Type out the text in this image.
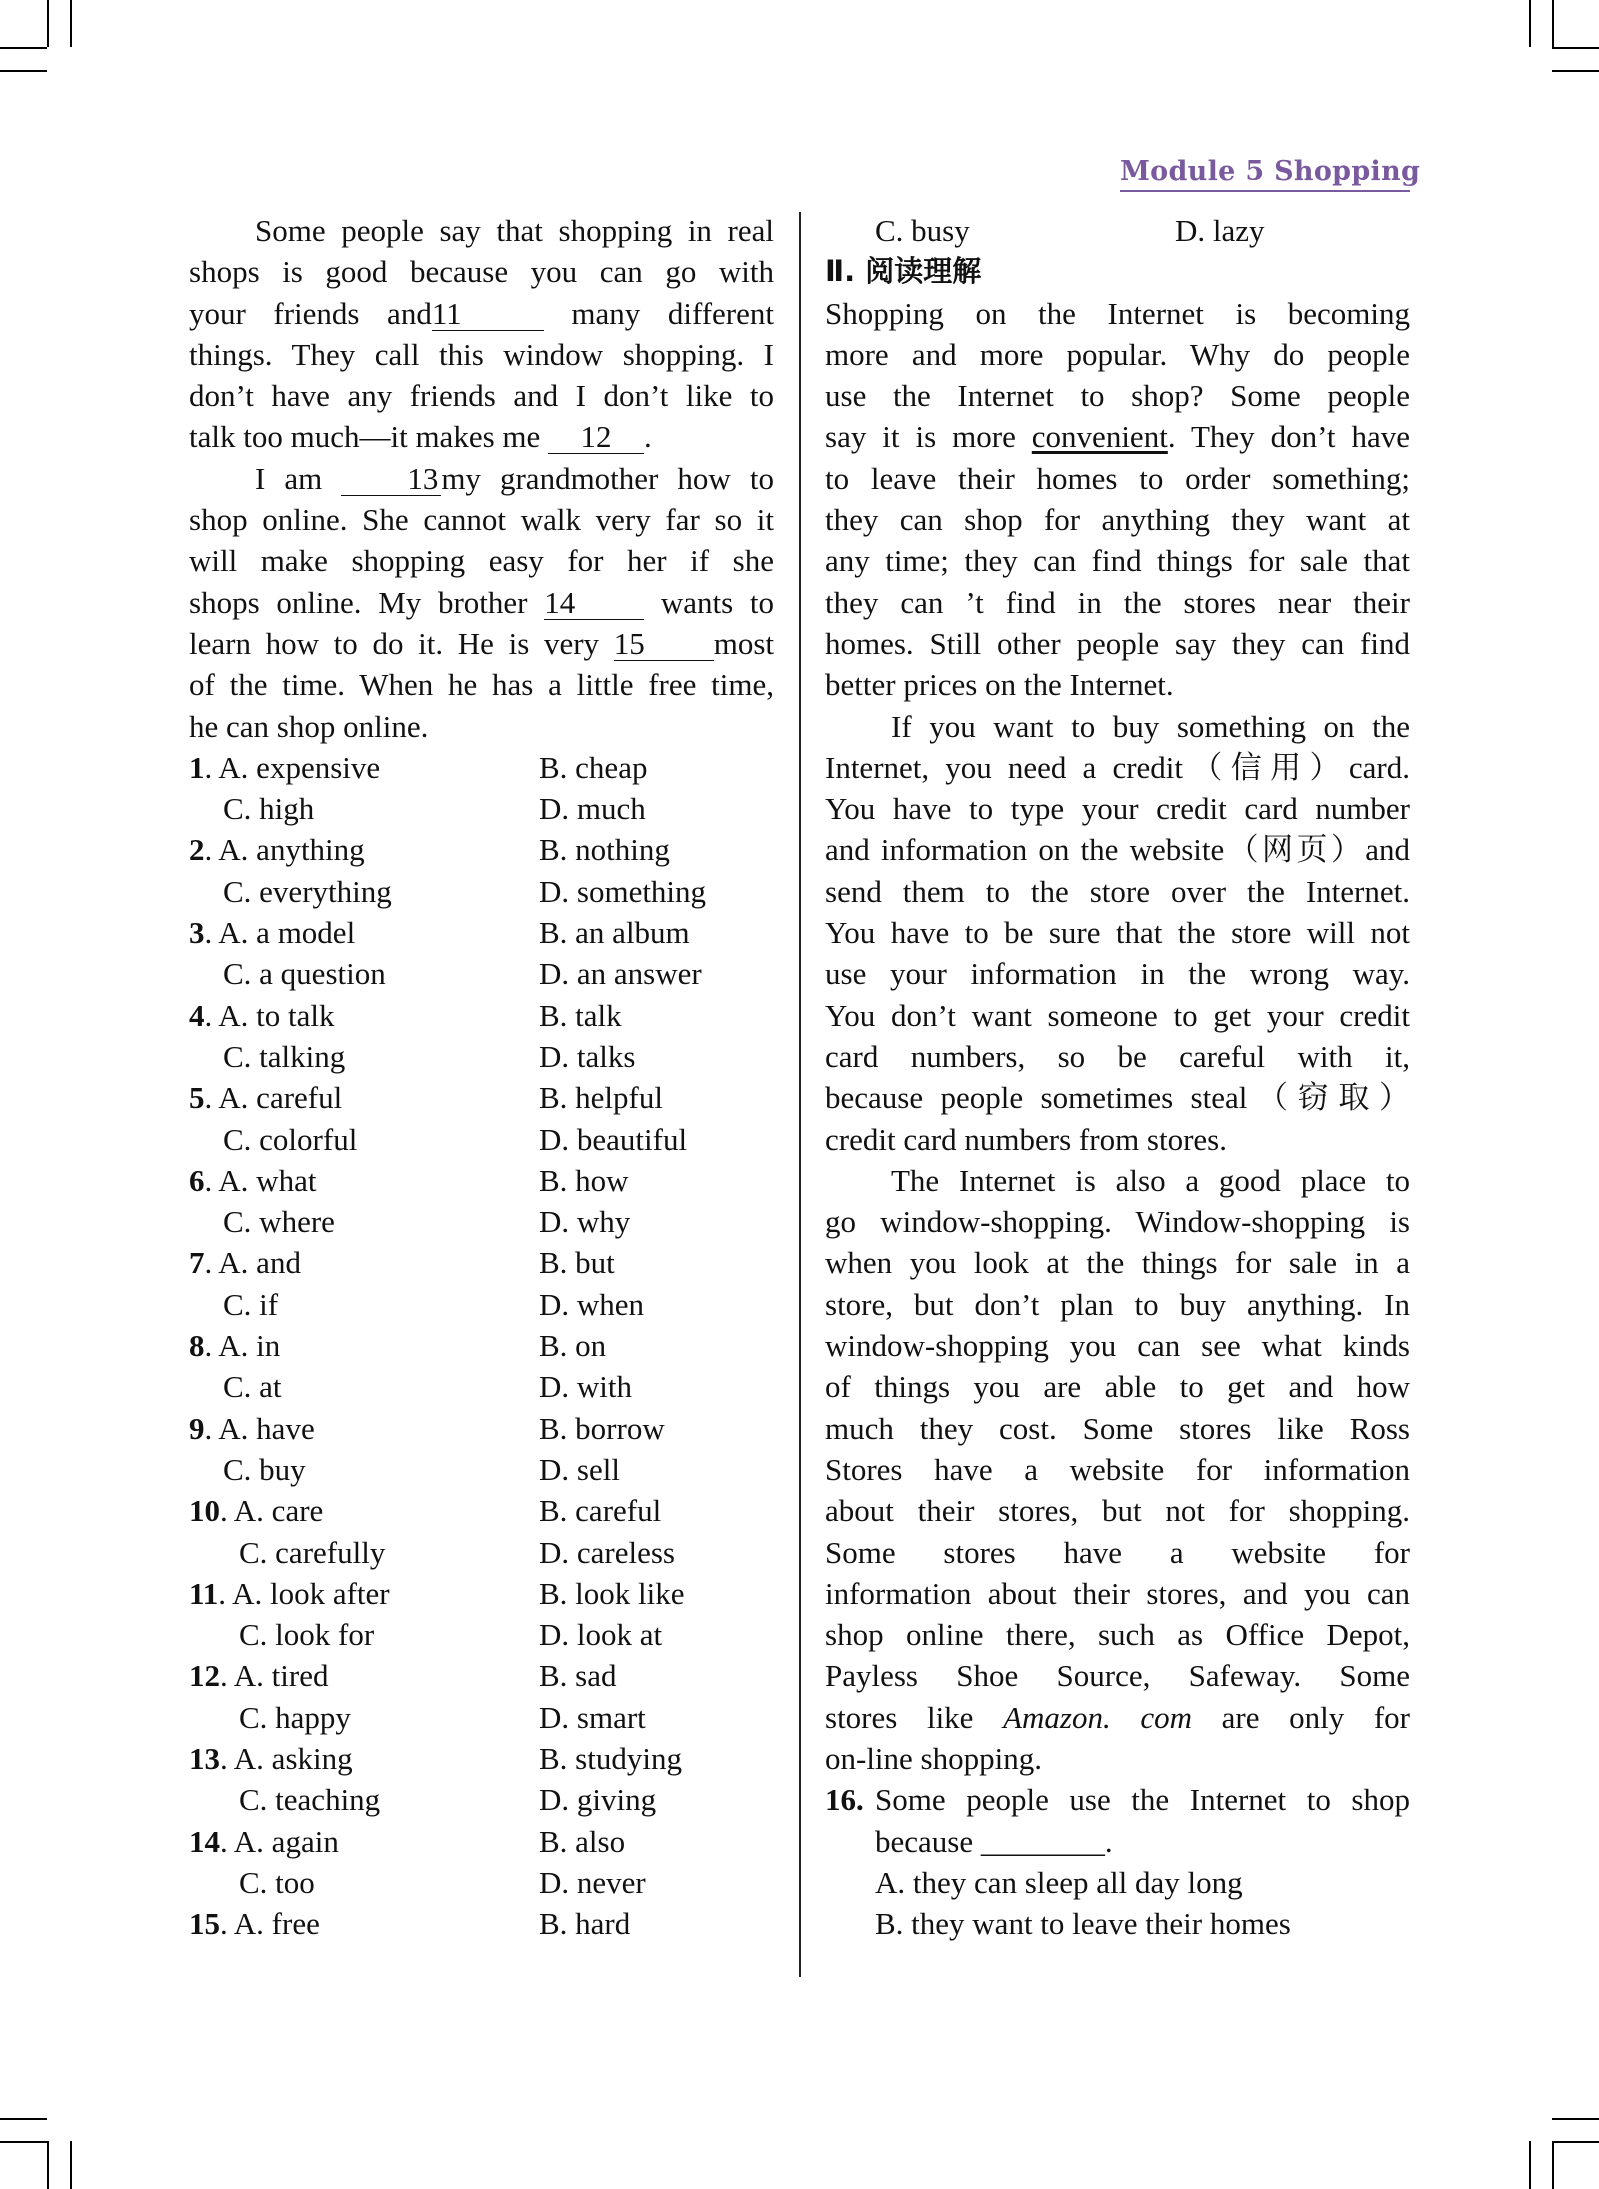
Module 5 Shopping
Some people say that shopping in real
shops is good because you can go with
your friends and11	many different
things. They call this window shopping. I
don’t have any friends and I don’t like to
talk too much—it makes me 12 .
I am 13my grandmother how to
shop online. She cannot walk very far so it
will make shopping easy for her if she
shops online. My brother 14 wants to
learn how to do it. He is very 15 most
of the time. When he has a little free time,
he can shop online.
1. A. expensive	B. cheap
C. high	D. much
2. A. anything	B. nothing
C. everything	D. something
3. A. a model	B. an album
C. a question	D. an answer
4. A. to talk	B. talk
C. talking	D. talks
5. A. careful	B. helpful
C. colorful	D. beautiful
6. A. what	B. how
C. where	D. why
7. A. and	B. but
C. if	D. when
8. A. in	B. on
C. at	D. with
9. A. have	B. borrow
C. buy	D. sell
10. A. care	B. careful
C. carefully	D. careless
11. A. look after	B. look like
C. look for	D. look at
12. A. tired	B. sad
C. happy	D. smart
13. A. asking	B. studying
C. teaching	D. giving
14. A. again	B. also
C. too	D. never
15. A. free	B. hard
C. busy	D. lazy
Ⅱ. 阅读理解
Shopping on the Internet is becoming
more and more popular. Why do people
use the Internet to shop? Some people
say it is more convenient. They don’t have
to leave their homes to order something;
they can shop for anything they want at
any time; they can find things for sale that
they can ’t find in the stores near their
homes. Still other people say they can find
better prices on the Internet.
If you want to buy something on the
Internet, you need a credit（信用）card.
You have to type your credit card number
and information on the website（网页）and
send them to the store over the Internet.
You have to be sure that the store will not
use your information in the wrong way.
You don’t want someone to get your credit
card numbers, so be careful with it,
because people sometimes steal（窃取）
credit card numbers from stores.
The Internet is also a good place to
go window-shopping. Window-shopping is
when you look at the things for sale in a
store, but don’t plan to buy anything. In
window-shopping you can see what kinds
of things you are able to get and how
much they cost. Some stores like Ross
Stores have a website for information
about their stores, but not for shopping.
Some stores have a website for
information about their stores, and you can
shop online there, such as Office Depot,
Payless Shoe Source, Safeway. Some
stores like Amazon. com are only for
on-line shopping.
16. Some people use the Internet to shop
because ________.
A. they can sleep all day long
B. they want to leave their homes
